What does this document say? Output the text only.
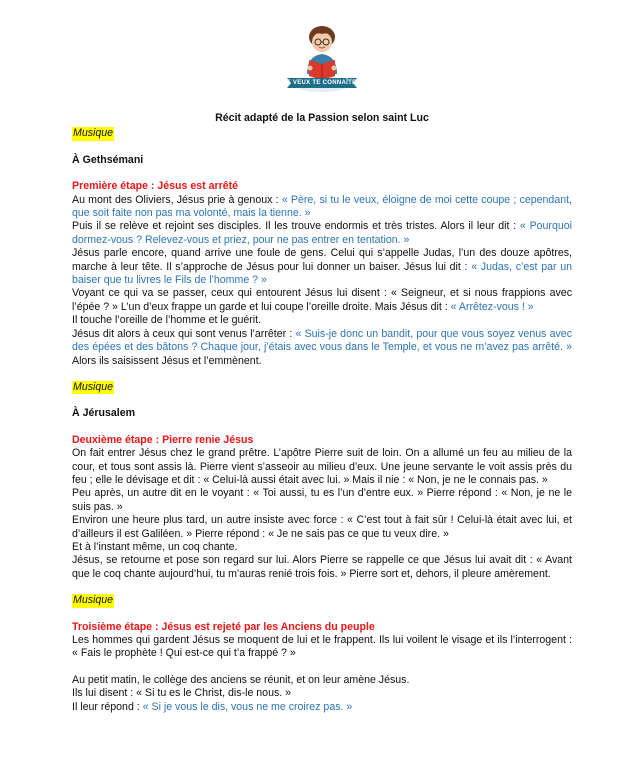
JE VEUX TE CONNAÎTRE

Récit adapté de la Passion selon saint Luc

Musique

À Gethsémani

Première étape : Jésus est arrêté

Au mont des Oliviers, Jésus prie à genoux : « Père, si tu le veux, éloigne de moi cette coupe ; cependant, que soit faite non pas ma volonté, mais la tienne. »

Puis il se relève et rejoint ses disciples. Il les trouve endormis et très tristes. Alors il leur dit : « Pourquoi dormez-vous ? Relevez-vous et priez, pour ne pas entrer en tentation. »

Jésus parle encore, quand arrive une foule de gens. Celui qui s’appelle Judas, l’un des douze apôtres, marche à leur tête. Il s’approche de Jésus pour lui donner un baiser. Jésus lui dit : « Judas, c’est par un baiser que tu livres le Fils de l’homme ? »

Voyant ce qui va se passer, ceux qui entourent Jésus lui disent : « Seigneur, et si nous frappions avec l’épée ? » L’un d’eux frappe un garde et lui coupe l’oreille droite. Mais Jésus dit : « Arrêtez-vous ! »

Il touche l’oreille de l’homme et le guérit.

Jésus dit alors à ceux qui sont venus l’arrêter : « Suis-je donc un bandit, pour que vous soyez venus avec des épées et des bâtons ? Chaque jour, j’étais avec vous dans le Temple, et vous ne m’avez pas arrêté. » Alors ils saisissent Jésus et l’emmènent.

Musique

À Jérusalem

Deuxième étape : Pierre renie Jésus

On fait entrer Jésus chez le grand prêtre. L’apôtre Pierre suit de loin. On a allumé un feu au milieu de la cour, et tous sont assis là. Pierre vient s’asseoir au milieu d’eux. Une jeune servante le voit assis près du feu ; elle le dévisage et dit : « Celui-là aussi était avec lui. » Mais il nie : « Non, je ne le connais pas. »

Peu après, un autre dit en le voyant : « Toi aussi, tu es l’un d’entre eux. » Pierre répond : « Non, je ne le suis pas. »

Environ une heure plus tard, un autre insiste avec force : « C’est tout à fait sûr ! Celui-là était avec lui, et d’ailleurs il est Galiléen. » Pierre répond : « Je ne sais pas ce que tu veux dire. »

Et à l’instant même, un coq chante.

Jésus, se retourne et pose son regard sur lui. Alors Pierre se rappelle ce que Jésus lui avait dit : « Avant que le coq chante aujourd’hui, tu m’auras renié trois fois. » Pierre sort et, dehors, il pleure amèrement.

Musique

Troisième étape : Jésus est rejeté par les Anciens du peuple

Les hommes qui gardent Jésus se moquent de lui et le frappent. Ils lui voilent le visage et ils l’interrogent : « Fais le prophète ! Qui est-ce qui t’a frappé ? »

Au petit matin, le collège des anciens se réunit, et on leur amène Jésus.

Ils lui disent : « Si tu es le Christ, dis-le nous. »

Il leur répond : « Si je vous le dis, vous ne me croirez pas. »
